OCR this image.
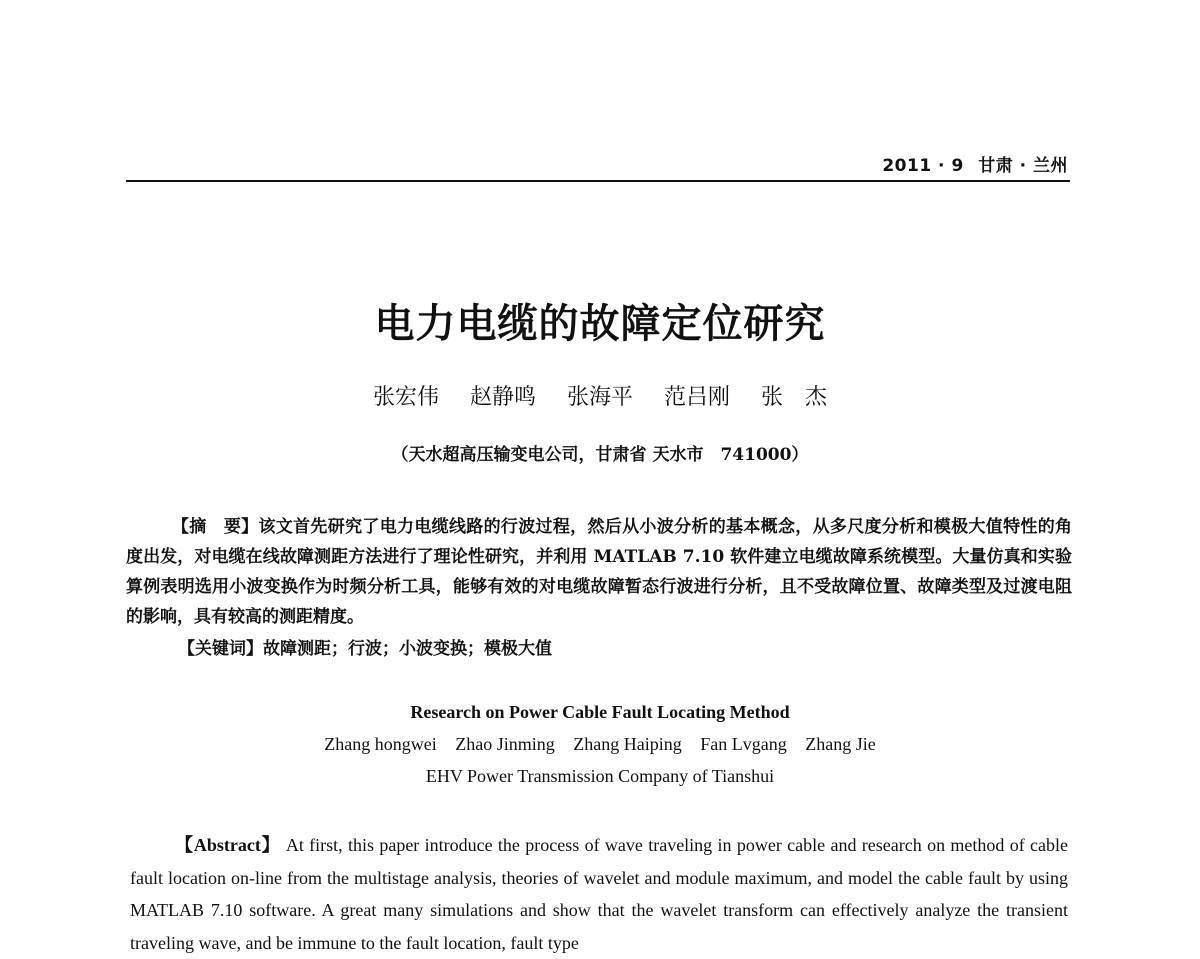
2011 · 9 甘肃 · 兰州
电力电缆的故障定位研究
张宏伟 赵静鸣 张海平 范吕刚 张　杰
（天水超高压输变电公司，甘肃省 天水市　741000）
【摘　要】该文首先研究了电力电缆线路的行波过程，然后从小波分析的基本概念，从多尺度分析和模极大值特性的角度出发，对电缆在线故障测距方法进行了理论性研究，并利用 MATLAB 7.10 软件建立电缆故障系统模型。大量仿真和实验算例表明选用小波变换作为时频分析工具，能够有效的对电缆故障暂态行波进行分析，且不受故障位置、故障类型及过渡电阻的影响，具有较高的测距精度。
【关键词】故障测距；行波；小波变换；模极大值
Research on Power Cable Fault Locating Method
Zhang hongwei Zhao Jinming Zhang Haiping Fan Lvgang Zhang Jie
EHV Power Transmission Company of Tianshui
【Abstract】 At first, this paper introduce the process of wave traveling in power cable and research on method of cable fault location on-line from the multistage analysis, theories of wavelet and module maximum, and model the cable fault by using MATLAB 7.10 software. A great many simulations and show that the wavelet transform can effectively analyze the transient traveling wave, and be immune to the fault location, fault type
